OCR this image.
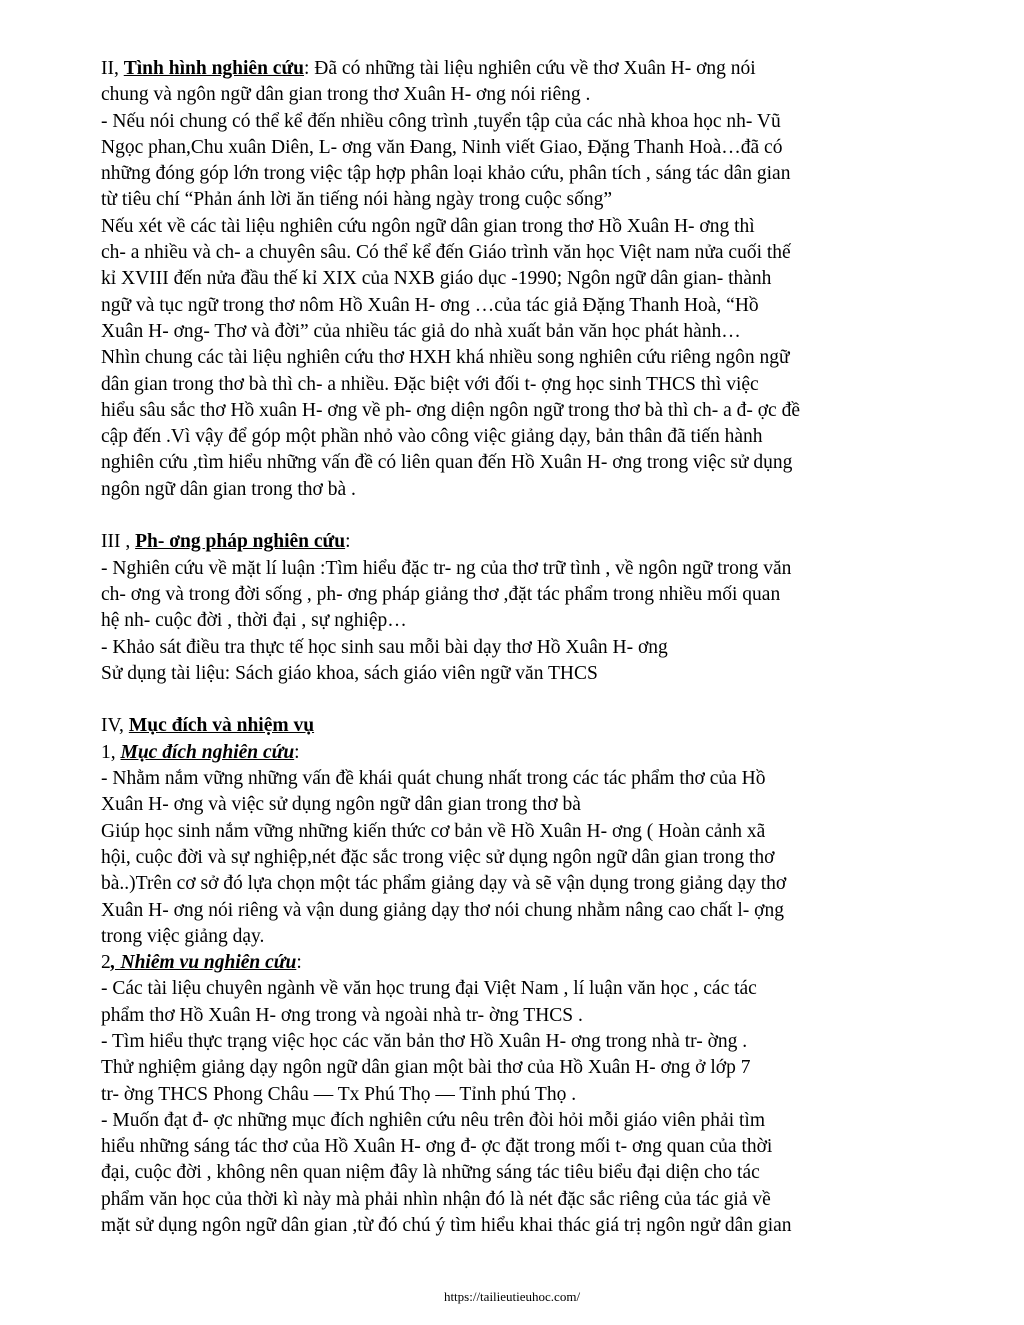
II, Tình hình nghiên cứu: Đã có những tài liệu nghiên cứu về thơ Xuân H- ơng nói
chung và ngôn ngữ dân gian trong thơ Xuân H- ơng nói riêng .
- Nếu nói chung có thể kể đến nhiều công trình ,tuyển tập của các nhà khoa học nh- Vũ
Ngọc phan,Chu xuân Diên, L- ơng văn Đang, Ninh viết Giao, Đặng Thanh Hoà…đã có
những đóng góp lớn trong việc tập hợp phân loại khảo cứu, phân tích , sáng tác dân gian
từ tiêu chí “Phản ánh lời ăn tiếng nói hàng ngày trong cuộc sống”
Nếu xét về các tài liệu nghiên cứu ngôn ngữ dân gian trong thơ Hồ Xuân H- ơng thì
ch- a nhiều và ch- a chuyên sâu. Có thể kể đến Giáo trình văn học Việt nam nửa cuối thế
kỉ XVIII đến nửa đầu thế kỉ XIX của NXB giáo dục -1990; Ngôn ngữ dân gian- thành
ngữ và tục ngữ trong thơ nôm Hồ Xuân H- ơng …của tác giả Đặng Thanh Hoà, “Hồ
Xuân H- ơng- Thơ và đời” của nhiều tác giả do nhà xuất bản văn học phát hành…
Nhìn chung các tài liệu nghiên cứu thơ HXH khá nhiều song nghiên cứu riêng ngôn ngữ
dân gian trong thơ bà thì ch- a nhiều. Đặc biệt với đối t- ợng học sinh THCS thì việc
hiểu sâu sắc thơ Hồ xuân H- ơng về ph- ơng diện ngôn ngữ trong thơ bà thì ch- a đ- ợc đề
cập đến .Vì vậy để góp một phần nhỏ vào công việc giảng dạy, bản thân đã tiến hành
nghiên cứu ,tìm hiểu những vấn đề có liên quan đến Hồ Xuân H- ơng trong việc sử dụng
ngôn ngữ dân gian trong thơ bà .
III , Ph- ơng pháp nghiên cứu:
- Nghiên cứu về mặt lí luận :Tìm hiểu đặc tr- ng của thơ trữ tình , về ngôn ngữ trong văn
ch- ơng và trong đời sống , ph- ơng pháp giảng thơ ,đặt tác phẩm trong nhiều mối quan
hệ nh- cuộc đời , thời đại , sự nghiệp…
- Khảo sát điều tra thực tế học sinh sau mỗi bài dạy thơ Hồ Xuân H- ơng
Sử dụng tài liệu: Sách giáo khoa, sách giáo viên ngữ văn THCS
IV, Mục đích và nhiệm vụ
1, Mục đích nghiên cứu:
- Nhằm nắm vững những vấn đề khái quát chung nhất trong các tác phẩm thơ của Hồ
Xuân H- ơng và việc sử dụng ngôn ngữ dân gian trong thơ bà
Giúp học sinh nắm vững những kiến thức cơ bản về Hồ Xuân H- ơng ( Hoàn cảnh xã
hội, cuộc đời và sự nghiệp,nét đặc sắc trong việc sử dụng ngôn ngữ dân gian trong thơ
bà..)Trên cơ sở đó lựa chọn một tác phẩm giảng dạy và sẽ vận dụng trong giảng dạy thơ
Xuân H- ơng nói riêng và vận dung giảng dạy thơ nói chung nhằm nâng cao chất l- ợng
trong việc giảng dạy.
2, Nhiêm vu nghiên cứu:
- Các tài liệu chuyên ngành về văn học trung đại Việt Nam , lí luận văn học , các tác
phẩm thơ Hồ Xuân H- ơng trong và ngoài nhà tr- ờng THCS .
- Tìm hiểu thực trạng việc học các văn bản thơ Hồ Xuân H- ơng trong nhà tr- ờng .
Thử nghiệm giảng dạy ngôn ngữ dân gian một bài thơ của Hồ Xuân H- ơng ở lớp 7
tr- ờng THCS Phong Châu — Tx Phú Thọ — Tỉnh phú Thọ .
- Muốn đạt đ- ợc những mục đích nghiên cứu nêu trên đòi hỏi mỗi giáo viên phải tìm
hiểu những sáng tác thơ của Hồ Xuân H- ơng đ- ợc đặt trong mối t- ơng quan của thời
đại, cuộc đời , không nên quan niệm đây là những sáng tác tiêu biểu đại diện cho tác
phẩm văn học của thời kì này mà phải nhìn nhận đó là nét đặc sắc riêng của tác giả về
mặt sử dụng ngôn ngữ dân gian ,từ đó chú ý tìm hiểu khai thác giá trị ngôn ngử dân gian
https://tailieutieuhoc.com/
